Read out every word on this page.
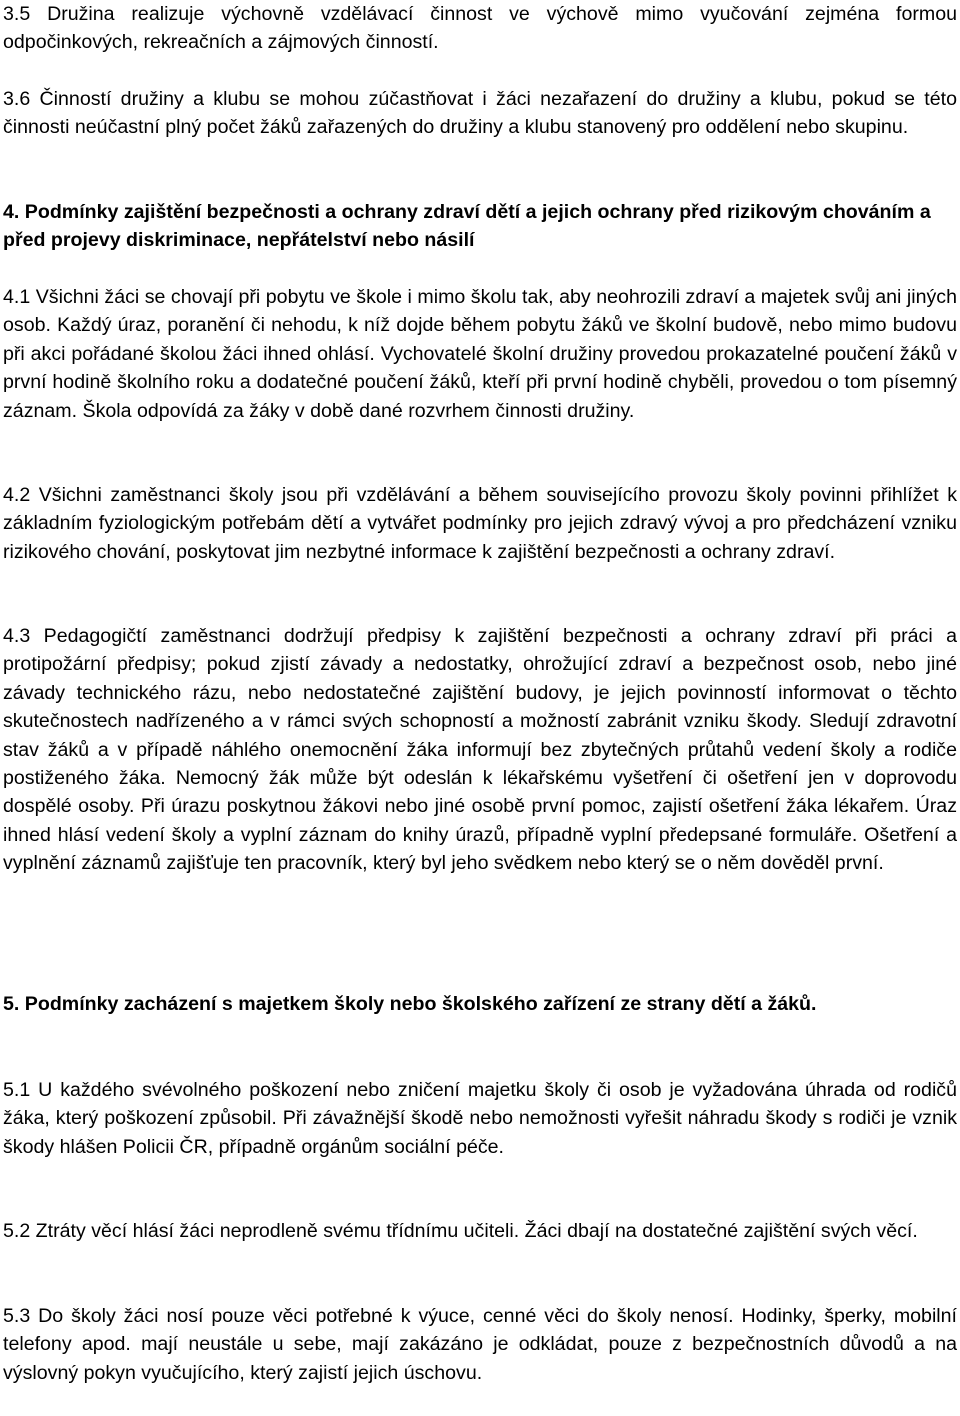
3.5 Družina realizuje výchovně vzdělávací činnost ve výchově mimo vyučování zejména formou odpočinkových, rekreačních a zájmových činností.

3.6 Činností družiny a klubu se mohou zúčastňovat i žáci nezařazení do družiny a klubu, pokud se této činnosti neúčastní plný počet žáků zařazených do družiny a klubu stanovený pro oddělení nebo skupinu.

4. Podmínky zajištění bezpečnosti a ochrany zdraví dětí a jejich ochrany před rizikovým chováním a před projevy diskriminace, nepřátelství nebo násilí

4.1 Všichni žáci se chovají při pobytu ve škole i mimo školu tak, aby neohrozili zdraví a majetek svůj ani jiných osob. Každý úraz, poranění či nehodu, k níž dojde během pobytu žáků ve školní budově, nebo mimo budovu při akci pořádané školou žáci ihned ohlásí. Vychovatelé školní družiny provedou prokazatelné poučení žáků v první hodině školního roku a dodatečné poučení žáků, kteří při první hodině chyběli, provedou o tom písemný záznam. Škola odpovídá za žáky v době dané rozvrhem činnosti družiny.

4.2 Všichni zaměstnanci školy jsou při vzdělávání a během souvisejícího provozu školy povinni přihlížet k základním fyziologickým potřebám dětí a vytvářet podmínky pro jejich zdravý vývoj a pro předcházení vzniku rizikového chování, poskytovat jim nezbytné informace k zajištění bezpečnosti a ochrany zdraví.

4.3 Pedagogičtí zaměstnanci dodržují předpisy k zajištění bezpečnosti a ochrany zdraví při práci a protipožární předpisy; pokud zjistí závady a nedostatky, ohrožující zdraví a bezpečnost osob, nebo jiné závady technického rázu, nebo nedostatečné zajištění budovy, je jejich povinností informovat o těchto skutečnostech nadřízeného a v rámci svých schopností a možností zabránit vzniku škody. Sledují zdravotní stav žáků a v případě náhlého onemocnění žáka informují bez zbytečných průtahů vedení školy a rodiče postiženého žáka. Nemocný žák může být odeslán k lékařskému vyšetření či ošetření jen v doprovodu dospělé osoby. Při úrazu poskytnou žákovi nebo jiné osobě první pomoc, zajistí ošetření žáka lékařem. Úraz ihned hlásí vedení školy a vyplní záznam do knihy úrazů, případně vyplní předepsané formuláře. Ošetření a vyplnění záznamů zajišťuje ten pracovník, který byl jeho svědkem nebo který se o něm dověděl první.

5. Podmínky zacházení s majetkem školy nebo školského zařízení ze strany dětí a žáků.

5.1 U každého svévolného poškození nebo zničení majetku školy či osob je vyžadována úhrada od rodičů žáka, který poškození způsobil. Při závažnější škodě nebo nemožnosti vyřešit náhradu škody s rodiči je vznik škody hlášen Policii ČR, případně orgánům sociální péče.

5.2 Ztráty věcí hlásí žáci neprodleně svému třídnímu učiteli. Žáci dbají na dostatečné zajištění svých věcí.

5.3 Do školy žáci nosí pouze věci potřebné k výuce, cenné věci do školy nenosí. Hodinky, šperky, mobilní telefony apod. mají neustále u sebe, mají zakázáno je odkládat, pouze z bezpečnostních důvodů a na výslovný pokyn vyučujícího, který zajistí jejich úschovu.
